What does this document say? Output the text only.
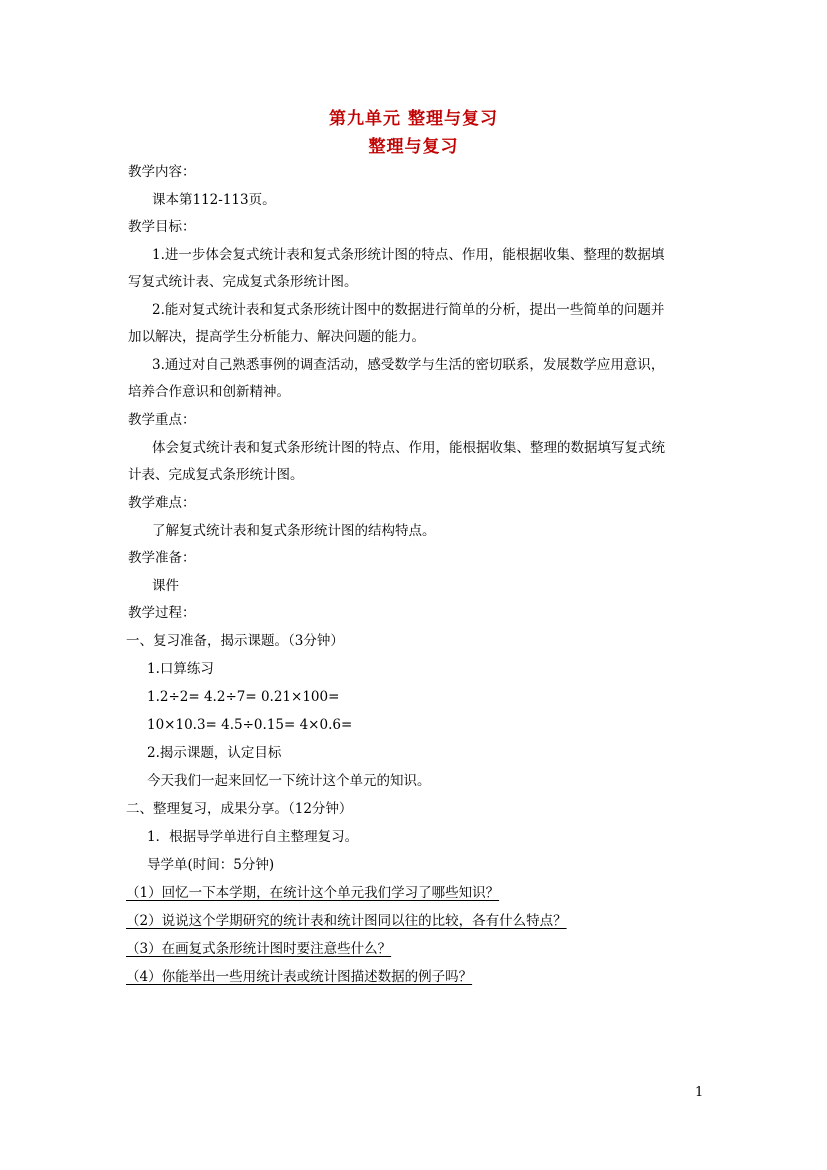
第九单元 整理与复习
整理与复习
教学内容：
课本第112-113页。
教学目标：
1.进一步体会复式统计表和复式条形统计图的特点、作用，能根据收集、整理的数据填
写复式统计表、完成复式条形统计图。
2.能对复式统计表和复式条形统计图中的数据进行简单的分析，提出一些简单的问题并
加以解决，提高学生分析能力、解决问题的能力。
3.通过对自己熟悉事例的调查活动，感受数学与生活的密切联系，发展数学应用意识，
培养合作意识和创新精神。
教学重点：
体会复式统计表和复式条形统计图的特点、作用，能根据收集、整理的数据填写复式统
计表、完成复式条形统计图。
教学难点：
了解复式统计表和复式条形统计图的结构特点。
教学准备：
课件
教学过程：
一、复习准备，揭示课题。（3分钟）
1.口算练习
1.2÷2= 4.2÷7= 0.21×100=
10×10.3= 4.5÷0.15= 4×0.6=
2.揭示课题，认定目标
今天我们一起来回忆一下统计这个单元的知识。
二、整理复习，成果分享。（12分钟）
1．根据导学单进行自主整理复习。
导学单(时间：5分钟)
（1）回忆一下本学期，在统计这个单元我们学习了哪些知识？
（2）说说这个学期研究的统计表和统计图同以往的比较，各有什么特点？
（3）在画复式条形统计图时要注意些什么？
（4）你能举出一些用统计表或统计图描述数据的例子吗？
1
